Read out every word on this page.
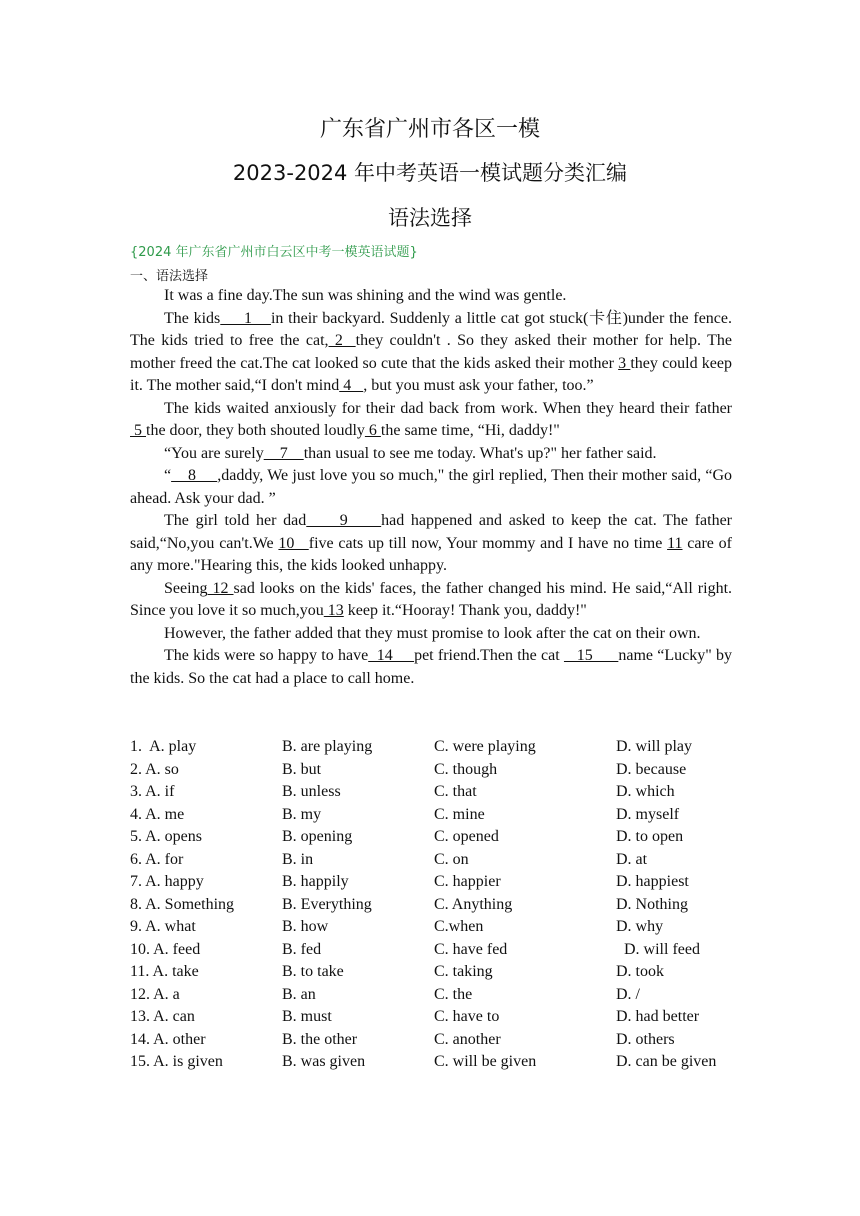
广东省广州市各区一模
2023-2024 年中考英语一模试题分类汇编
语法选择
{2024 年广东省广州市白云区中考一模英语试题}
一、语法选择

It was a fine day.The sun was shining and the wind was gentle.

The kids     1    in their backyard. Suddenly a little cat got stuck(卡住)under the fence. The kids tried to free the cat, 2  they couldn't . So they asked their mother for help. The mother freed the cat.The cat looked so cute that the kids asked their mother 3 they could keep it. The mother said,“I don't mind 4   , but you must ask your father, too.”

The kids waited anxiously for their dad back from work. When they heard their father 5 the door, they both shouted loudly 6 the same time, “Hi, daddy!"

“You are surely    7    than usual to see me today. What's up?" her father said.

“    8     ,daddy, We just love you so much," the girl replied, Then their mother said, “Go ahead. Ask your dad. ”

The girl told her dad     9     had happened and asked to keep the cat. The father said,“No,you can't.We 10   five cats up till now, Your mommy and I have no time 11 care of any more."Hearing this, the kids looked unhappy.

Seeing 12 sad looks on the kids' faces, the father changed his mind. He said,“All right. Since you love it so much,you 13 keep it.“Hooray! Thank you, daddy!"

However, the father added that they must promise to look after the cat on their own.

The kids were so happy to have  14     pet friend.Then the cat    15      name “Lucky" by the kids. So the cat had a place to call home.

1.  A. play	B. are playing	C. were playing	D. will play
2. A. so	B. but	C. though	D. because
3. A. if	B. unless	C. that	D. which
4. A. me	B. my	C. mine	D. myself
5. A. opens	B. opening	C. opened	D. to open
6. A. for	B. in	C. on	D. at
7. A. happy	B. happily	C. happier	D. happiest
8. A. Something	B. Everything	C. Anything	D. Nothing
9. A. what	B. how	C.when	D. why
10. A. feed	B. fed	C. have fed	D. will feed
11. A. take	B. to take	C. taking	D. took
12. A. a	B. an	C. the	D. /
13. A. can	B. must	C. have to	D. had better
14. A. other	B. the other	C. another	D. others
15. A. is given	B. was given	C. will be given	D. can be given
